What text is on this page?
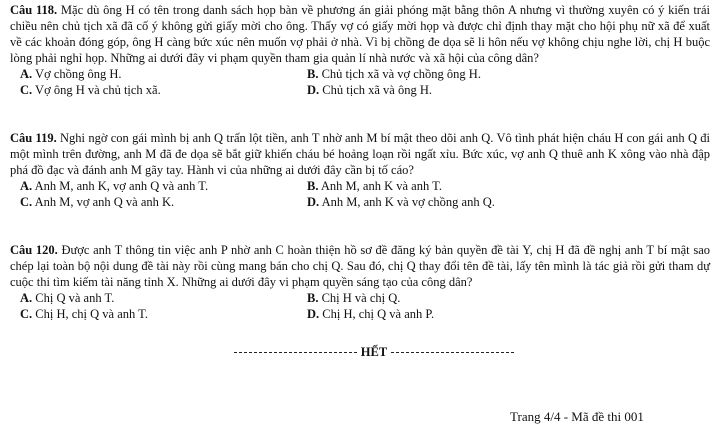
Câu 118. Mặc dù ông H có tên trong danh sách họp bàn về phương án giải phóng mặt bằng thôn A nhưng vì thường xuyên có ý kiến trái chiều nên chủ tịch xã đã cố ý không gửi giấy mời cho ông. Thấy vợ có giấy mời họp và được chỉ định thay mặt cho hội phụ nữ xã để xuất về các khoản đóng góp, ông H càng bức xúc nên muốn vợ phải ở nhà. Vì bị chồng đe dọa sẽ li hôn nếu vợ không chịu nghe lời, chị H buộc lòng phải nghỉ họp. Những ai dưới đây vi phạm quyền tham gia quản lí nhà nước và xã hội của công dân?

A. Vợ chồng ông H.	B. Chủ tịch xã và vợ chồng ông H.
C. Vợ ông H và chủ tịch xã.	D. Chủ tịch xã và ông H.

Câu 119. Nghi ngờ con gái mình bị anh Q trấn lột tiền, anh T nhờ anh M bí mật theo dõi anh Q. Vô tình phát hiện cháu H con gái anh Q đi một mình trên đường, anh M đã đe dọa sẽ bắt giữ khiến cháu bé hoảng loạn rồi ngất xỉu. Bức xúc, vợ anh Q thuê anh K xông vào nhà đập phá đồ đạc và đánh anh M gãy tay. Hành vi của những ai dưới đây cần bị tố cáo?

A. Anh M, anh K, vợ anh Q và anh T.	B. Anh M, anh K và anh T.
C. Anh M, vợ anh Q và anh K.	D. Anh M, anh K và vợ chồng anh Q.

Câu 120. Được anh T thông tin việc anh P nhờ anh C hoàn thiện hồ sơ đề đăng ký bản quyền đề tài Y, chị H đã đề nghị anh T bí mật sao chép lại toàn bộ nội dung đề tài này rồi cùng mang bán cho chị Q. Sau đó, chị Q thay đổi tên đề tài, lấy tên mình là tác giả rồi gửi tham dự cuộc thi tìm kiếm tài năng tỉnh X. Những ai dưới đây vi phạm quyền sáng tạo của công dân?

A. Chị Q và anh T.	B. Chị H và chị Q.
C. Chị H, chị Q và anh T.	D. Chị H, chị Q và anh P.
HẾT
Trang 4/4 - Mã đề thi 001
